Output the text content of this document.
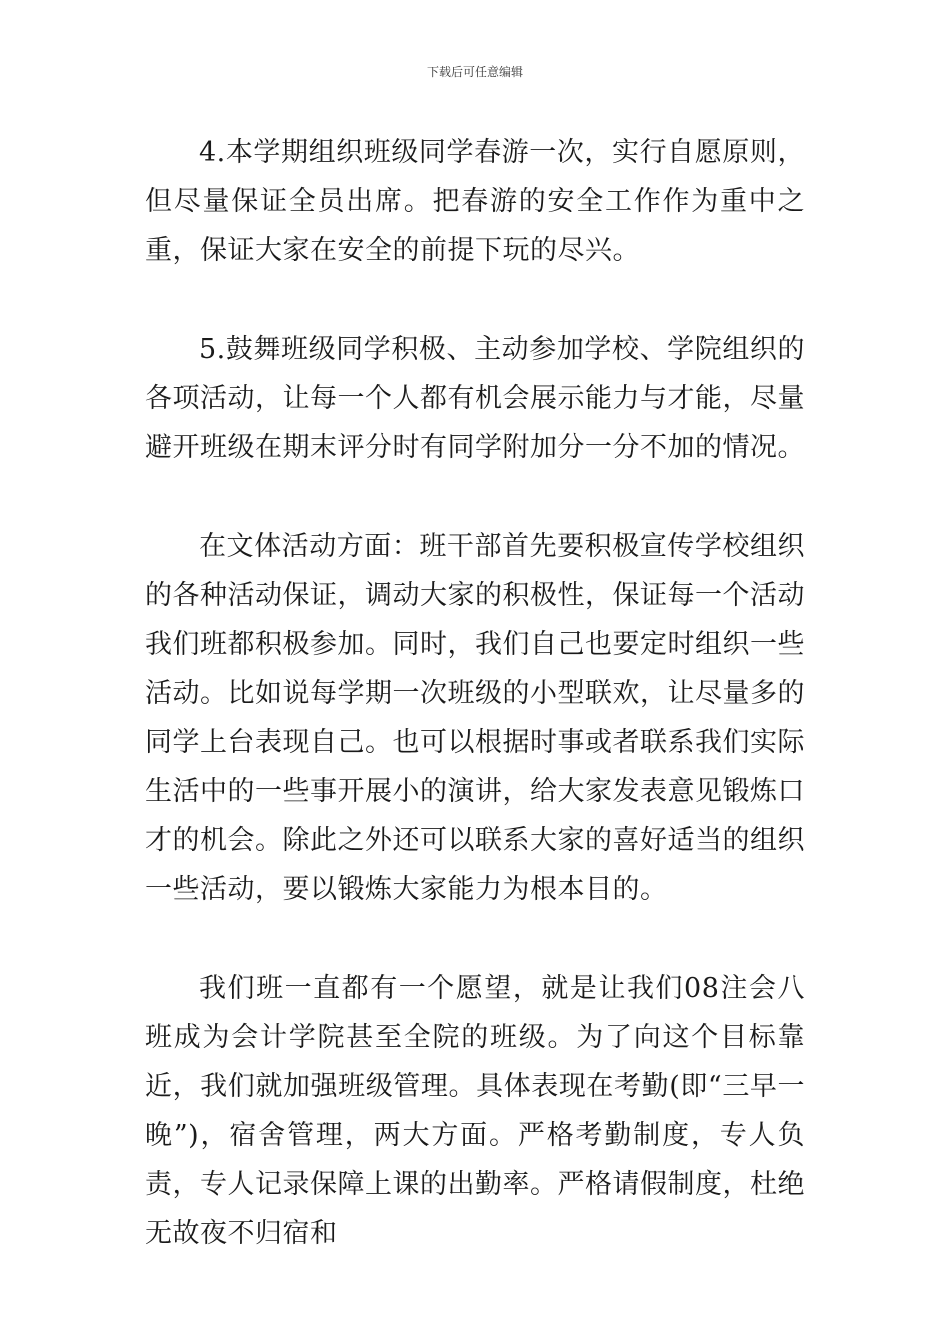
下载后可任意编辑

4.本学期组织班级同学春游一次，实行自愿原则，但尽量保证全员出席。把春游的安全工作作为重中之重，保证大家在安全的前提下玩的尽兴。

5.鼓舞班级同学积极、主动参加学校、学院组织的各项活动，让每一个人都有机会展示能力与才能，尽量避开班级在期末评分时有同学附加分一分不加的情况。

在文体活动方面：班干部首先要积极宣传学校组织的各种活动保证，调动大家的积极性，保证每一个活动我们班都积极参加。同时，我们自己也要定时组织一些活动。比如说每学期一次班级的小型联欢，让尽量多的同学上台表现自己。也可以根据时事或者联系我们实际生活中的一些事开展小的演讲，给大家发表意见锻炼口才的机会。除此之外还可以联系大家的喜好适当的组织一些活动，要以锻炼大家能力为根本目的。

我们班一直都有一个愿望，就是让我们08注会八班成为会计学院甚至全院的班级。为了向这个目标靠近，我们就加强班级管理。具体表现在考勤(即“三早一晚”)，宿舍管理，两大方面。严格考勤制度，专人负责，专人记录保障上课的出勤率。严格请假制度，杜绝无故夜不归宿和
